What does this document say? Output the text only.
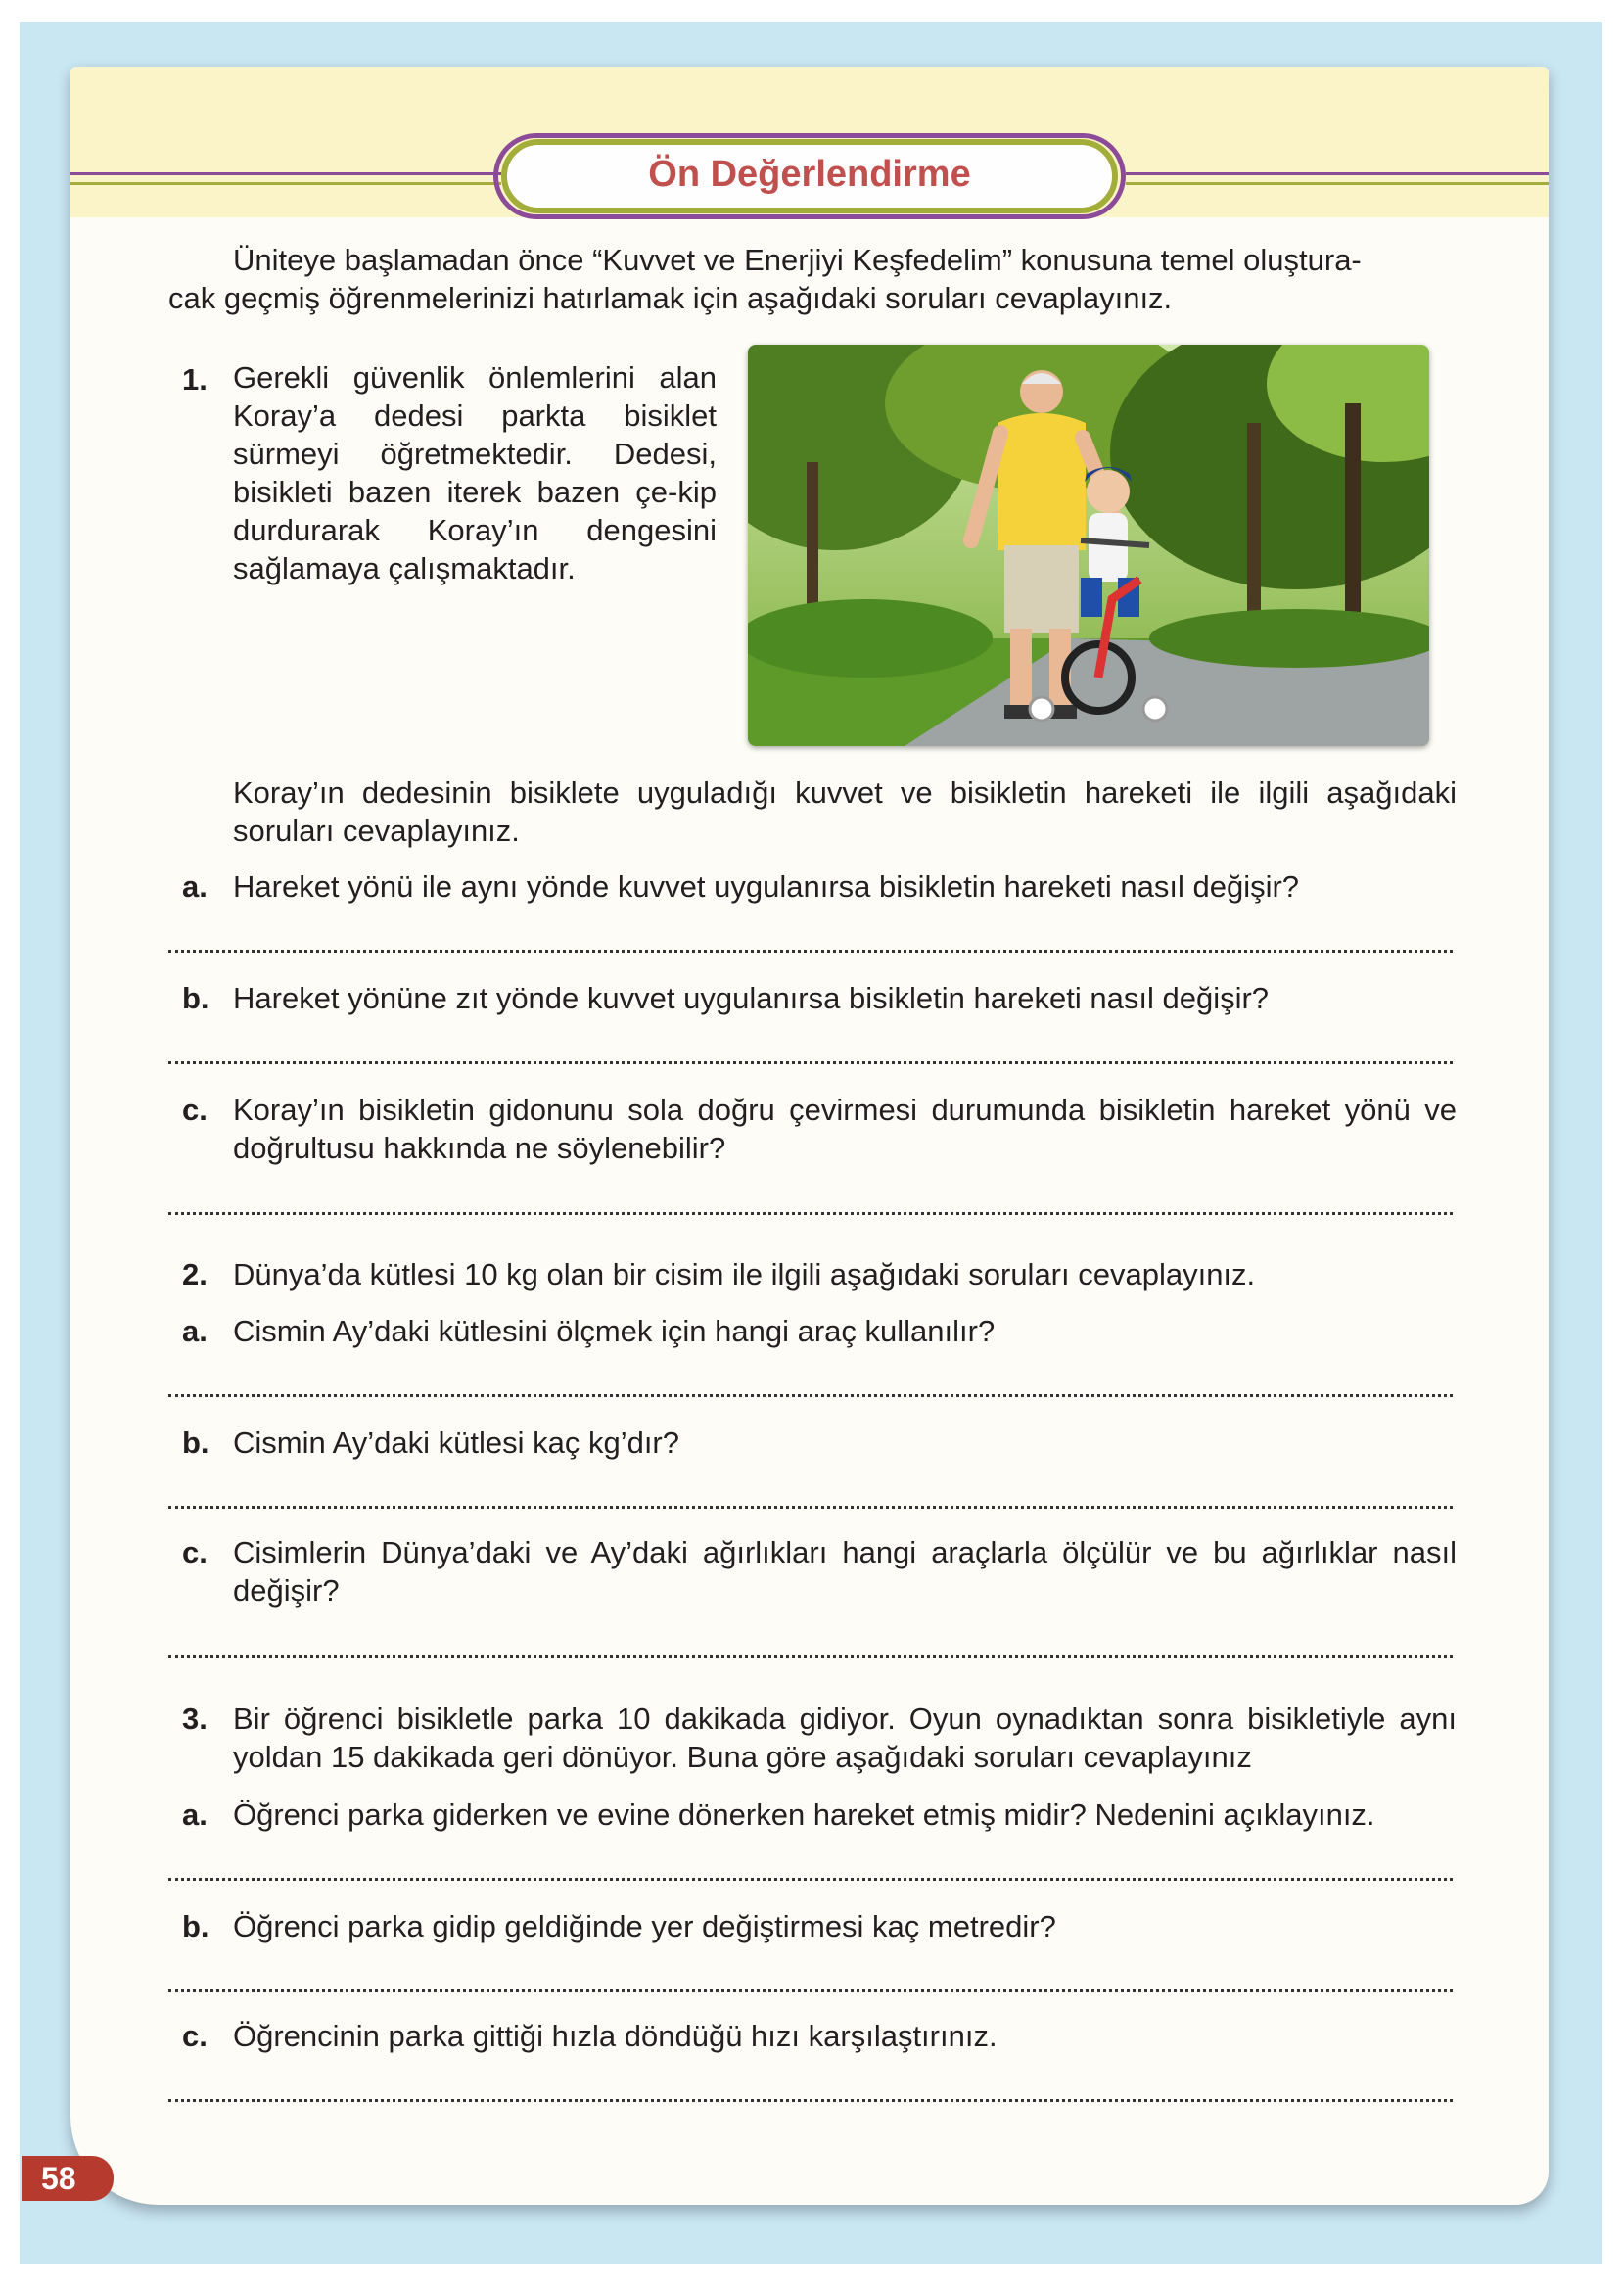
Ön Değerlendirme
Üniteye başlamadan önce “Kuvvet ve Enerjiyi Keşfedelim” konusuna temel oluştura-
cak geçmiş öğrenmelerinizi hatırlamak için aşağıdaki soruları cevaplayınız.
1. Gerekli güvenlik önlemlerini alan Koray’a dedesi parkta bisiklet sürmeyi öğretmektedir. Dedesi, bisikleti bazen iterek bazen çe-kip durdurarak Koray’ın dengesini sağlamaya çalışmaktadır.
Koray’ın dedesinin bisiklete uyguladığı kuvvet ve bisikletin hareketi ile ilgili aşağıdaki soruları cevaplayınız.
a. Hareket yönü ile aynı yönde kuvvet uygulanırsa bisikletin hareketi nasıl değişir?
b. Hareket yönüne zıt yönde kuvvet uygulanırsa bisikletin hareketi nasıl değişir?
c. Koray’ın bisikletin gidonunu sola doğru çevirmesi durumunda bisikletin hareket yönü ve doğrultusu hakkında ne söylenebilir?
2. Dünya’da kütlesi 10 kg olan bir cisim ile ilgili aşağıdaki soruları cevaplayınız.
a. Cismin Ay’daki kütlesini ölçmek için hangi araç kullanılır?
b. Cismin Ay’daki kütlesi kaç kg’dır?
c. Cisimlerin Dünya’daki ve Ay’daki ağırlıkları hangi araçlarla ölçülür ve bu ağırlıklar nasıl değişir?
3. Bir öğrenci bisikletle parka 10 dakikada gidiyor. Oyun oynadıktan sonra bisikletiyle aynı yoldan 15 dakikada geri dönüyor. Buna göre aşağıdaki soruları cevaplayınız
a. Öğrenci parka giderken ve evine dönerken hareket etmiş midir? Nedenini açıklayınız.
b. Öğrenci parka gidip geldiğinde yer değiştirmesi kaç metredir?
c. Öğrencinin parka gittiği hızla döndüğü hızı karşılaştırınız.
58
